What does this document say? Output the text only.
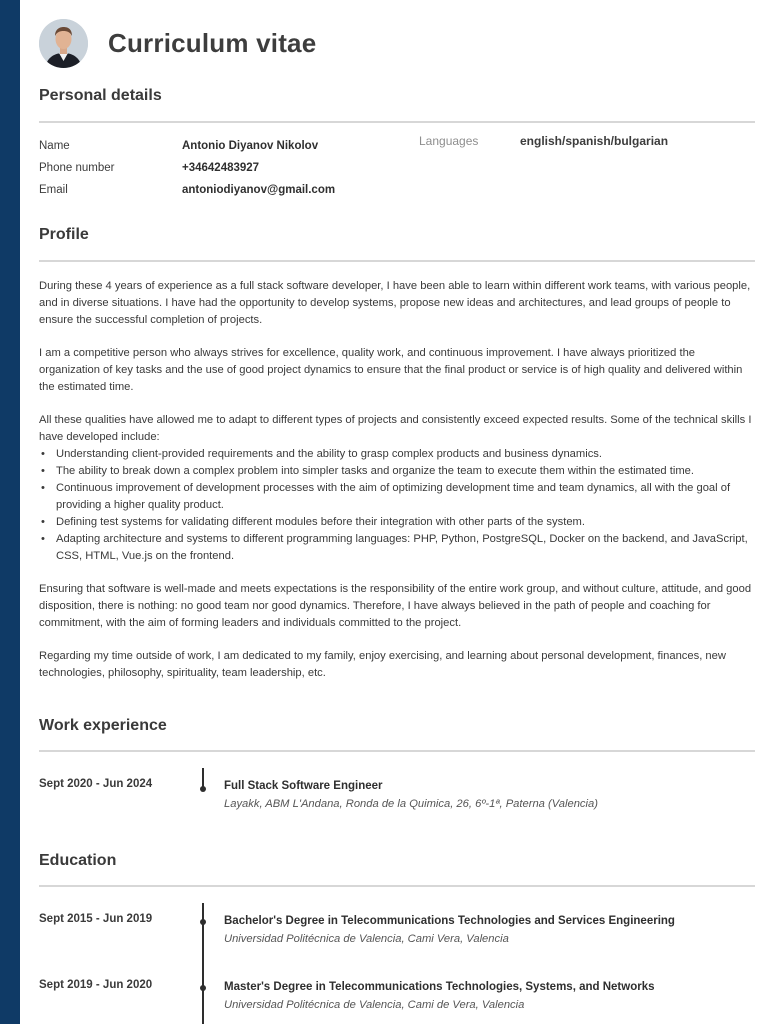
Curriculum vitae
Personal details
Name	Antonio Diyanov Nikolov
Phone number	+34642483927
Email	antoniodiyanov@gmail.com
Languages	english/spanish/bulgarian
Profile

During these 4 years of experience as a full stack software developer, I have been able to learn within different work teams, with various people, and in diverse situations. I have had the opportunity to develop systems, propose new ideas and architectures, and lead groups of people to ensure the successful completion of projects.

I am a competitive person who always strives for excellence, quality work, and continuous improvement. I have always prioritized the organization of key tasks and the use of good project dynamics to ensure that the final product or service is of high quality and delivered within the estimated time.

All these qualities have allowed me to adapt to different types of projects and consistently exceed expected results. Some of the technical skills I have developed include:

• Understanding client-provided requirements and the ability to grasp complex products and business dynamics.
• The ability to break down a complex problem into simpler tasks and organize the team to execute them within the estimated time.
• Continuous improvement of development processes with the aim of optimizing development time and team dynamics, all with the goal of providing a higher quality product.
• Defining test systems for validating different modules before their integration with other parts of the system.
• Adapting architecture and systems to different programming languages: PHP, Python, PostgreSQL, Docker on the backend, and JavaScript, CSS, HTML, Vue.js on the frontend.

Ensuring that software is well-made and meets expectations is the responsibility of the entire work group, and without culture, attitude, and good disposition, there is nothing: no good team nor good dynamics. Therefore, I have always believed in the path of people and coaching for commitment, with the aim of forming leaders and individuals committed to the project.

Regarding my time outside of work, I am dedicated to my family, enjoy exercising, and learning about personal development, finances, new technologies, philosophy, spirituality, team leadership, etc.

Work experience
Sept 2020 - Jun 2024	Full Stack Software Engineer
Layakk, ABM L'Andana, Ronda de la Quimica, 26, 6º-1ª, Paterna (Valencia)
Education
Sept 2015 - Jun 2019	Bachelor's Degree in Telecommunications Technologies and Services Engineering
Universidad Politécnica de Valencia, Cami Vera, Valencia
Sept 2019 - Jun 2020	Master's Degree in Telecommunications Technologies, Systems, and Networks
Universidad Politécnica de Valencia, Cami de Vera, Valencia
